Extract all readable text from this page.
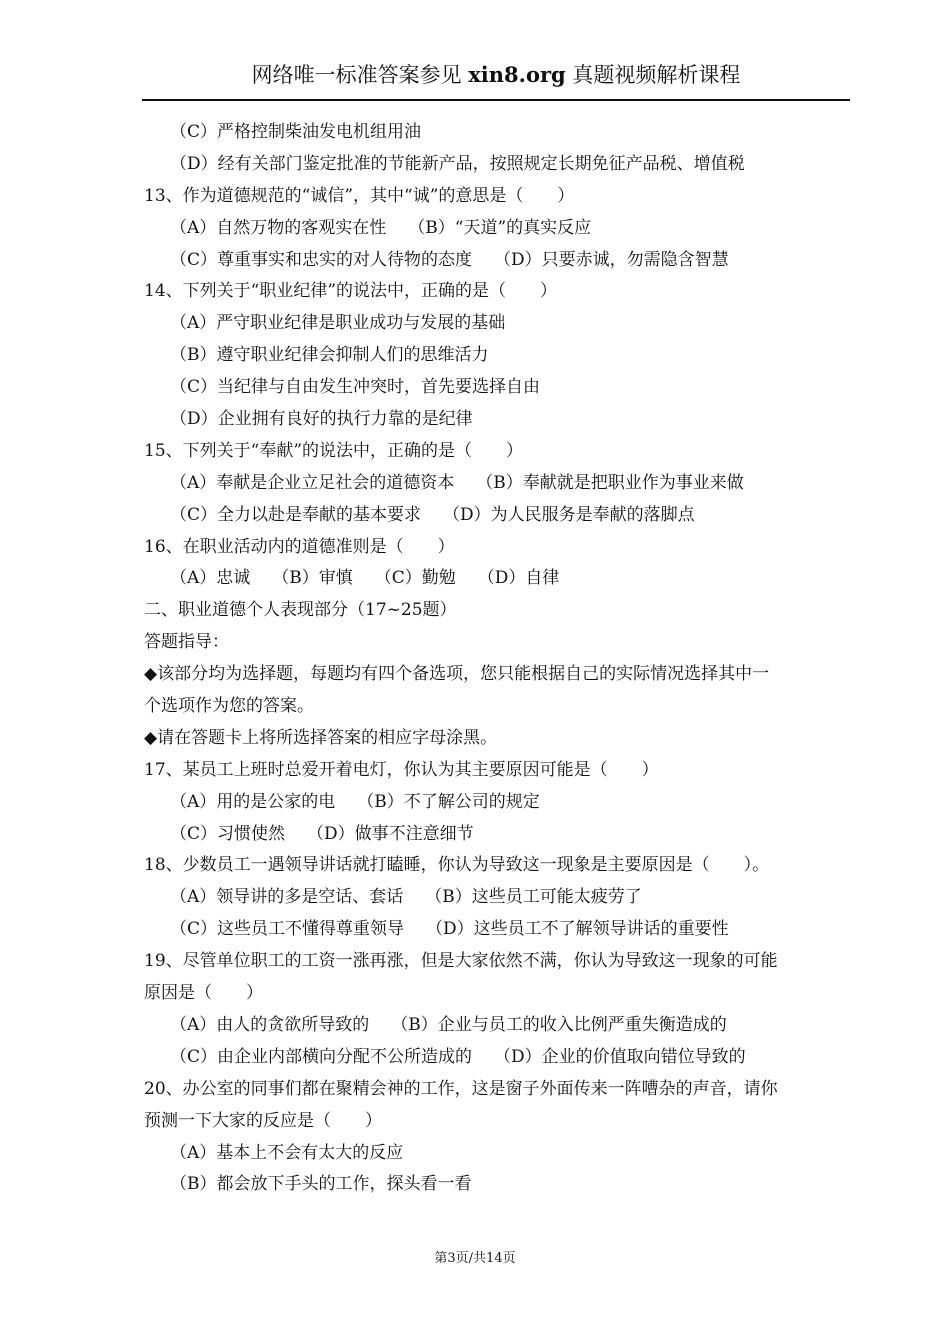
网络唯一标准答案参见 xin8.org 真题视频解析课程
（C）严格控制柴油发电机组用油
（D）经有关部门鉴定批准的节能新产品，按照规定长期免征产品税、增值税
13、作为道德规范的“诚信”，其中“诚”的意思是（　　）
（A）自然万物的客观实在性 （B）“天道”的真实反应
（C）尊重事实和忠实的对人待物的态度 （D）只要赤诚，勿需隐含智慧
14、下列关于“职业纪律”的说法中，正确的是（　　）
（A）严守职业纪律是职业成功与发展的基础
（B）遵守职业纪律会抑制人们的思维活力
（C）当纪律与自由发生冲突时，首先要选择自由
（D）企业拥有良好的执行力靠的是纪律
15、下列关于“奉献”的说法中，正确的是（　　）
（A）奉献是企业立足社会的道德资本 （B）奉献就是把职业作为事业来做
（C）全力以赴是奉献的基本要求 （D）为人民服务是奉献的落脚点
16、在职业活动内的道德准则是（　　）
（A）忠诚 （B）审慎 （C）勤勉 （D）自律
二、职业道德个人表现部分（17~25题）
答题指导：
◆该部分均为选择题，每题均有四个备选项，您只能根据自己的实际情况选择其中一
个选项作为您的答案。
◆请在答题卡上将所选择答案的相应字母涂黑。
17、某员工上班时总爱开着电灯，你认为其主要原因可能是（　　）
（A）用的是公家的电 （B）不了解公司的规定
（C）习惯使然 （D）做事不注意细节
18、少数员工一遇领导讲话就打瞌睡，你认为导致这一现象是主要原因是（　　）。
（A）领导讲的多是空话、套话 （B）这些员工可能太疲劳了
（C）这些员工不懂得尊重领导 （D）这些员工不了解领导讲话的重要性
19、尽管单位职工的工资一涨再涨，但是大家依然不满，你认为导致这一现象的可能
原因是（　　）
（A）由人的贪欲所导致的 （B）企业与员工的收入比例严重失衡造成的
（C）由企业内部横向分配不公所造成的 （D）企业的价值取向错位导致的
20、办公室的同事们都在聚精会神的工作，这是窗子外面传来一阵嘈杂的声音，请你
预测一下大家的反应是（　　）
（A）基本上不会有太大的反应
（B）都会放下手头的工作，探头看一看
第3页/共14页
